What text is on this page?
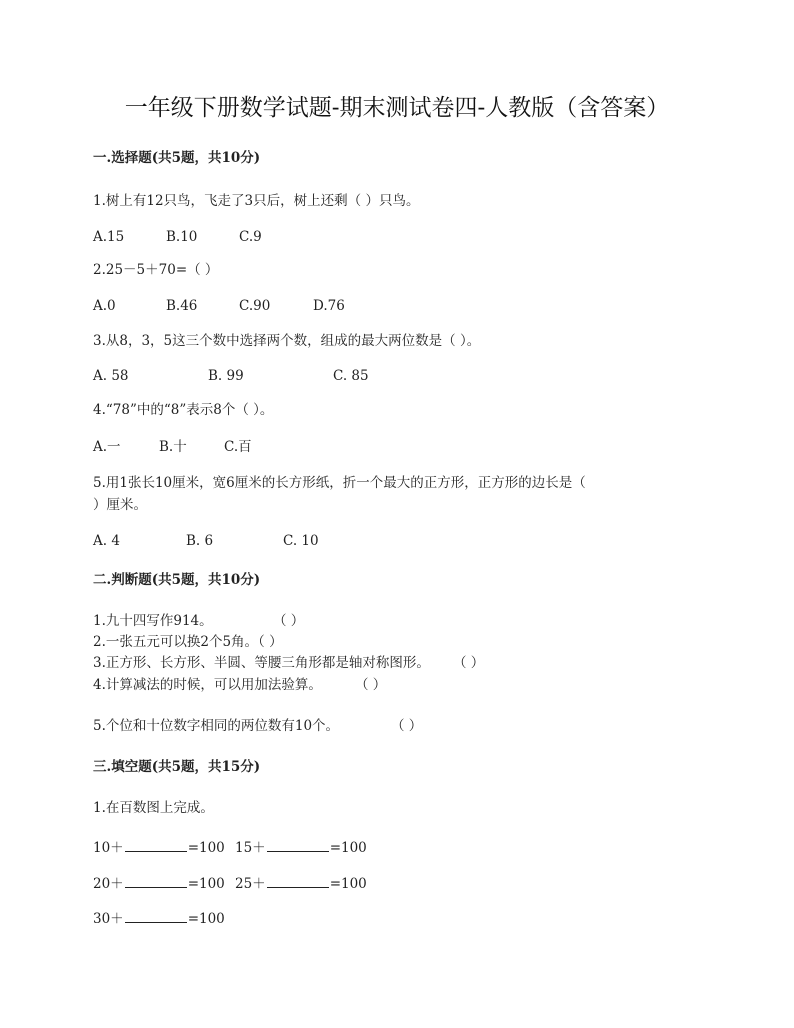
一年级下册数学试题-期末测试卷四-人教版（含答案）
一.选择题(共5题，共10分)
1.树上有12只鸟，飞走了3只后，树上还剩（ ）只鸟。
A.15	B.10	C.9
2.25－5＋70=（ ）
A.0	B.46	C.90	D.76
3.从8，3，5这三个数中选择两个数，组成的最大两位数是（ ）。
A. 58	B. 99	C. 85
4.“78”中的“8”表示8个（ ）。
A.一	B.十	C.百
5.用1张长10厘米，宽6厘米的长方形纸，折一个最大的正方形，正方形的边长是（
）厘米。
A. 4	B. 6	C. 10
二.判断题(共5题，共10分)
1.九十四写作914。	（ ）
2.一张五元可以换2个5角。（ ）
3.正方形、长方形、半圆、等腰三角形都是轴对称图形。 （ ）
4.计算减法的时候，可以用加法验算。 （ ）
5.个位和十位数字相同的两位数有10个。	（ ）
三.填空题(共5题，共15分)
1.在百数图上完成。
10＋	=100 15＋	=100
20＋	=100 25＋	=100
30＋	=100
